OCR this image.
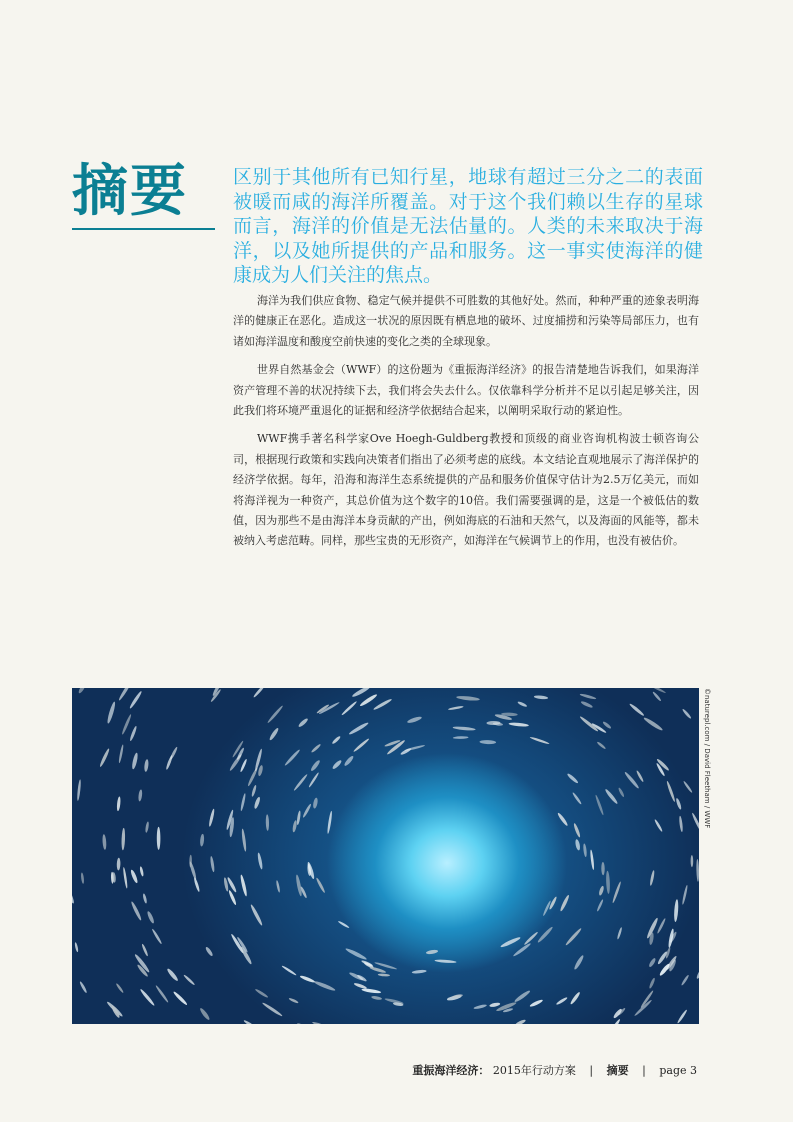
摘要	区别于其他所有已知行星，地球有超过三分之二的表面被暖而咸的海洋所覆盖。对于这个我们赖以生存的星球而言，海洋的价值是无法估量的。人类的未来取决于海洋，以及她所提供的产品和服务。这一事实使海洋的健康成为人们关注的焦点。

海洋为我们供应食物、稳定气候并提供不可胜数的其他好处。然而，种种严重的迹象表明海洋的健康正在恶化。造成这一状况的原因既有栖息地的破坏、过度捕捞和污染等局部压力，也有诸如海洋温度和酸度空前快速的变化之类的全球现象。

世界自然基金会（WWF）的这份题为《重振海洋经济》的报告清楚地告诉我们，如果海洋资产管理不善的状况持续下去，我们将会失去什么。仅依靠科学分析并不足以引起足够关注，因此我们将环境严重退化的证据和经济学依据结合起来，以阐明采取行动的紧迫性。

WWF携手著名科学家Ove Hoegh-Guldberg教授和顶级的商业咨询机构波士顿咨询公司，根据现行政策和实践向决策者们指出了必须考虑的底线。本文结论直观地展示了海洋保护的经济学依据。每年，沿海和海洋生态系统提供的产品和服务价值保守估计为2.5万亿美元，而如将海洋视为一种资产，其总价值为这个数字的10倍。我们需要强调的是，这是一个被低估的数值，因为那些不是由海洋本身贡献的产出，例如海底的石油和天然气，以及海面的风能等，都未被纳入考虑范畴。同样，那些宝贵的无形资产，如海洋在气候调节上的作用，也没有被估价。

©naturepl.com / David Fleetham / WWF
重振海洋经济： 2015年行动方案 | 摘要 | page 3
